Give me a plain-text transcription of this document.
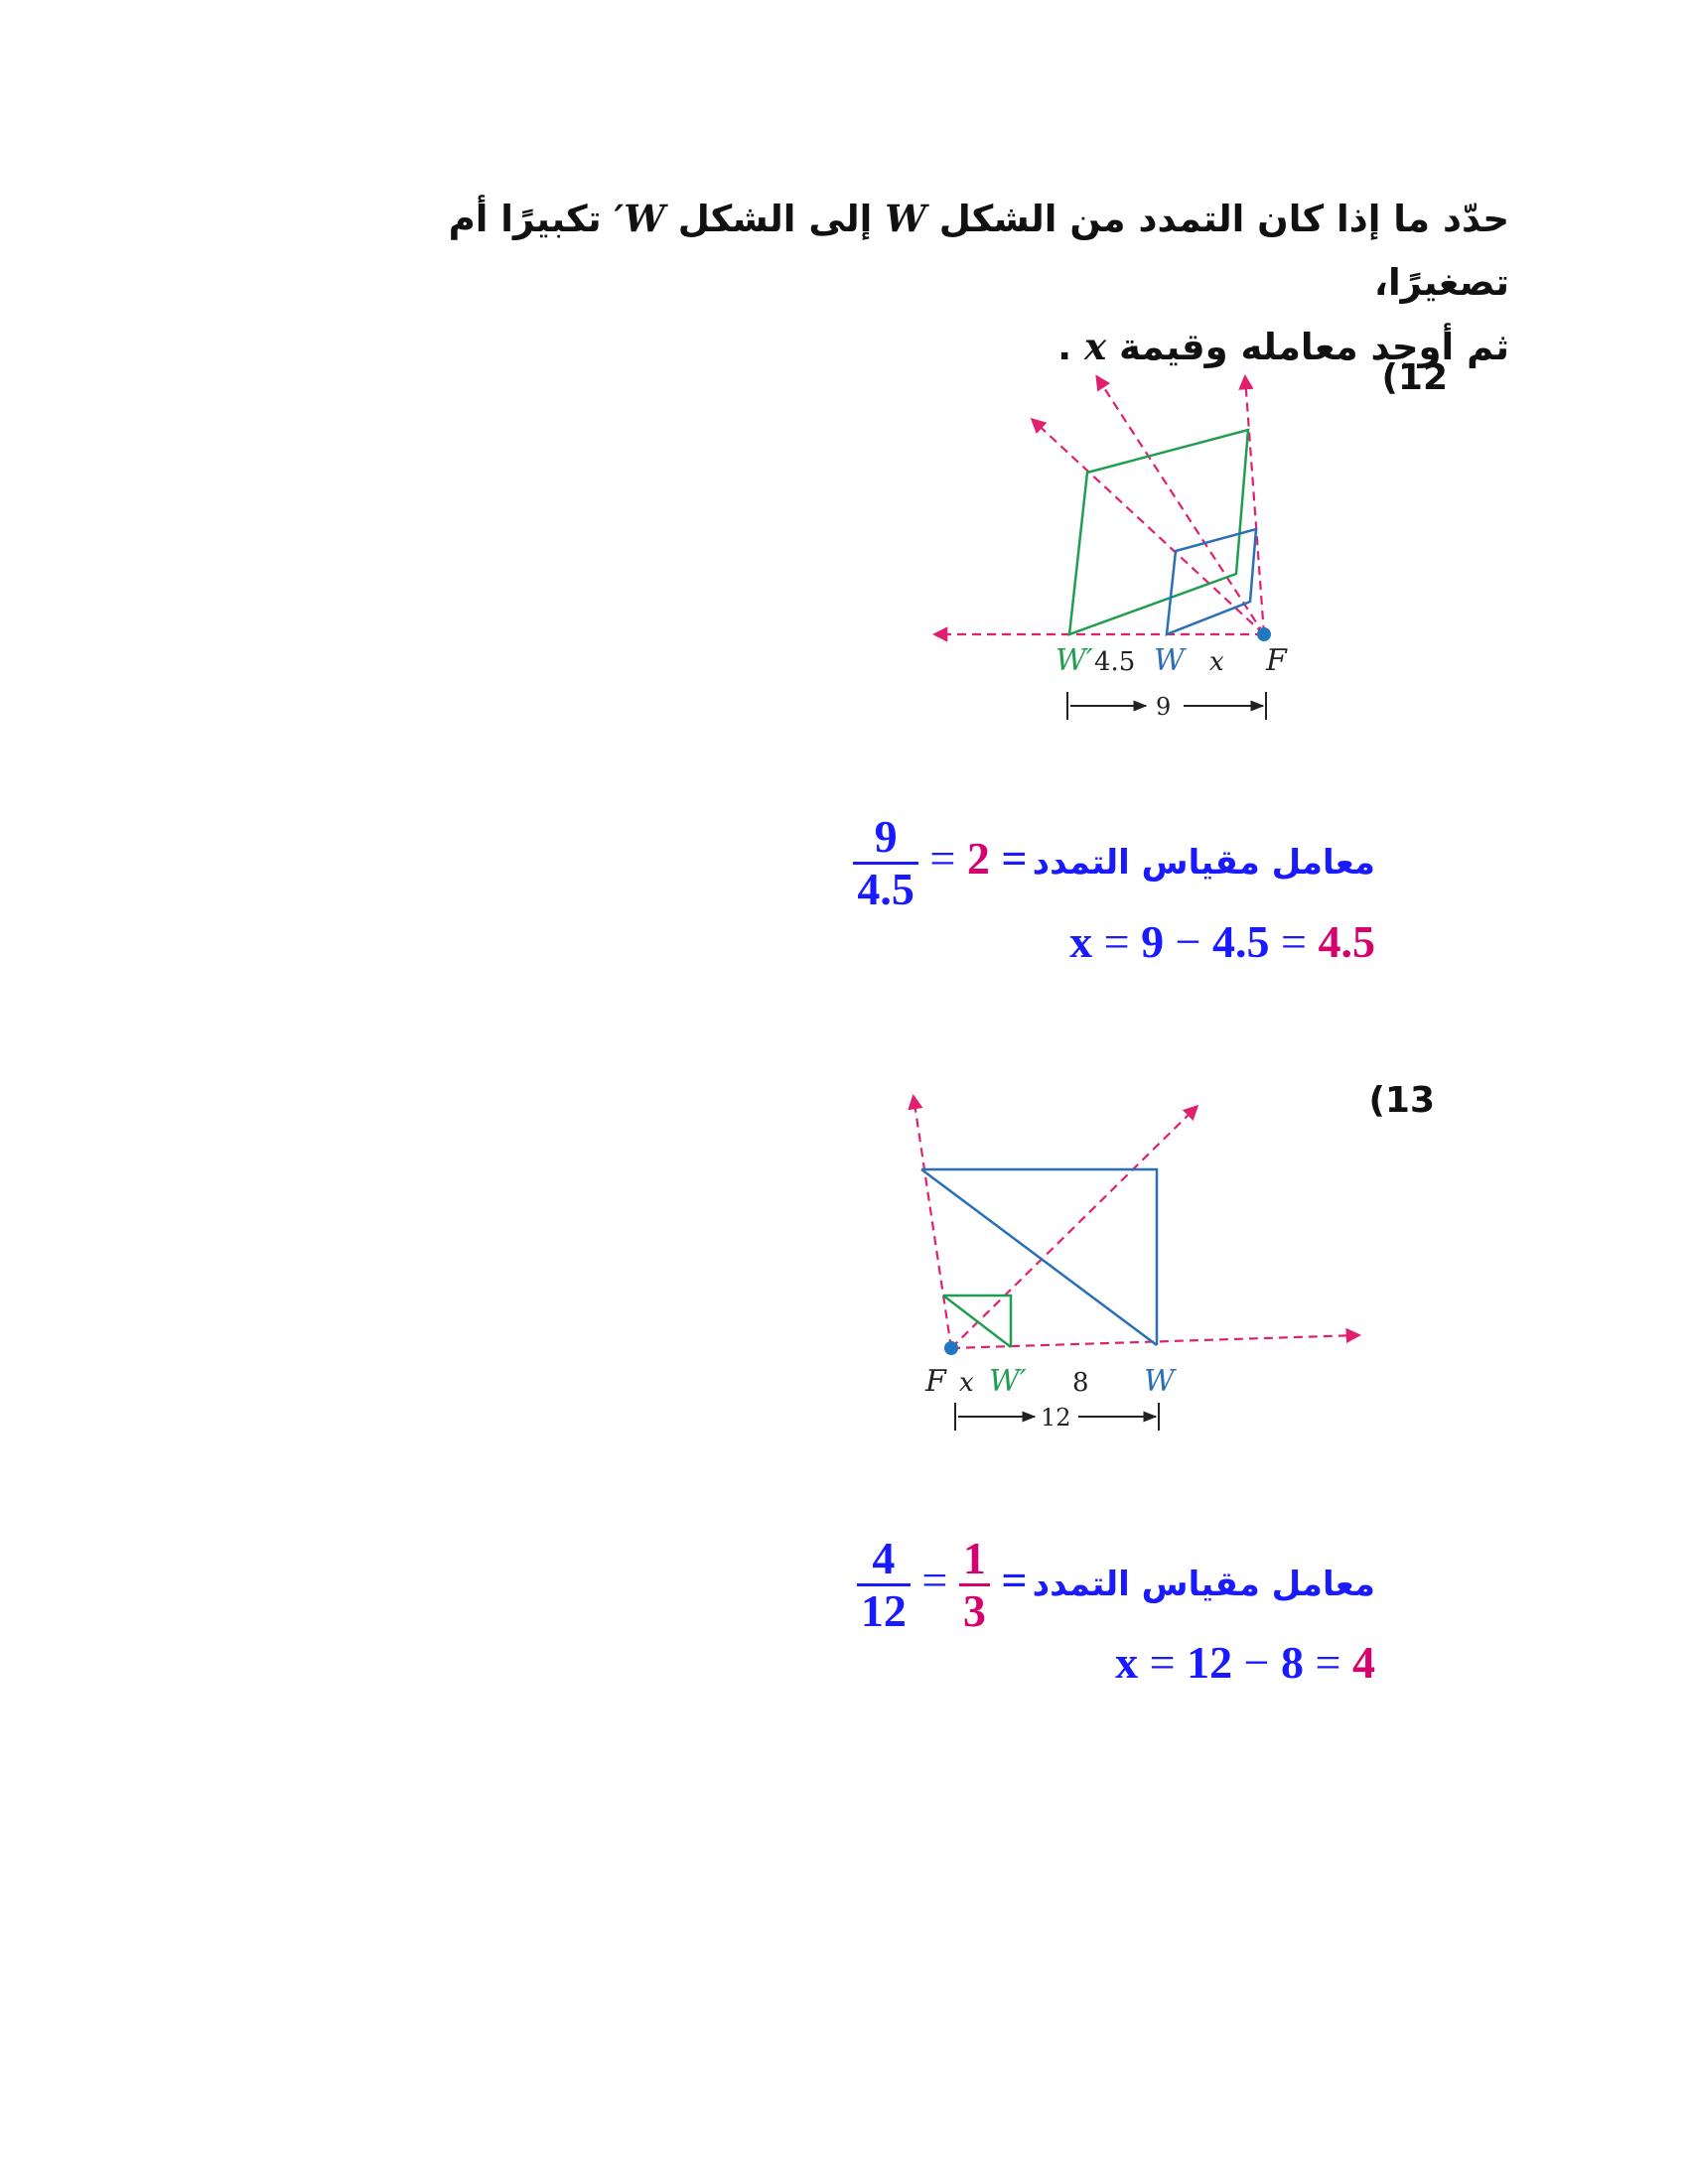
حدّد ما إذا كان التمدد من الشكل W إلى الشكل W′ تكبيرًا أم تصغيرًا،
ثم أوجد معامله وقيمة x .
(12
W′ 4.5 W x F
9
معامل مقياس التمدد
$\frac{9}{4.5} = 2$ =
x = 9 − 4.5 = 4.5
(13
F x W′ 8 W
12
معامل مقياس التمدد
$\frac{4}{12} = \frac{1}{3}$ =
x = 12 − 8 = 4
